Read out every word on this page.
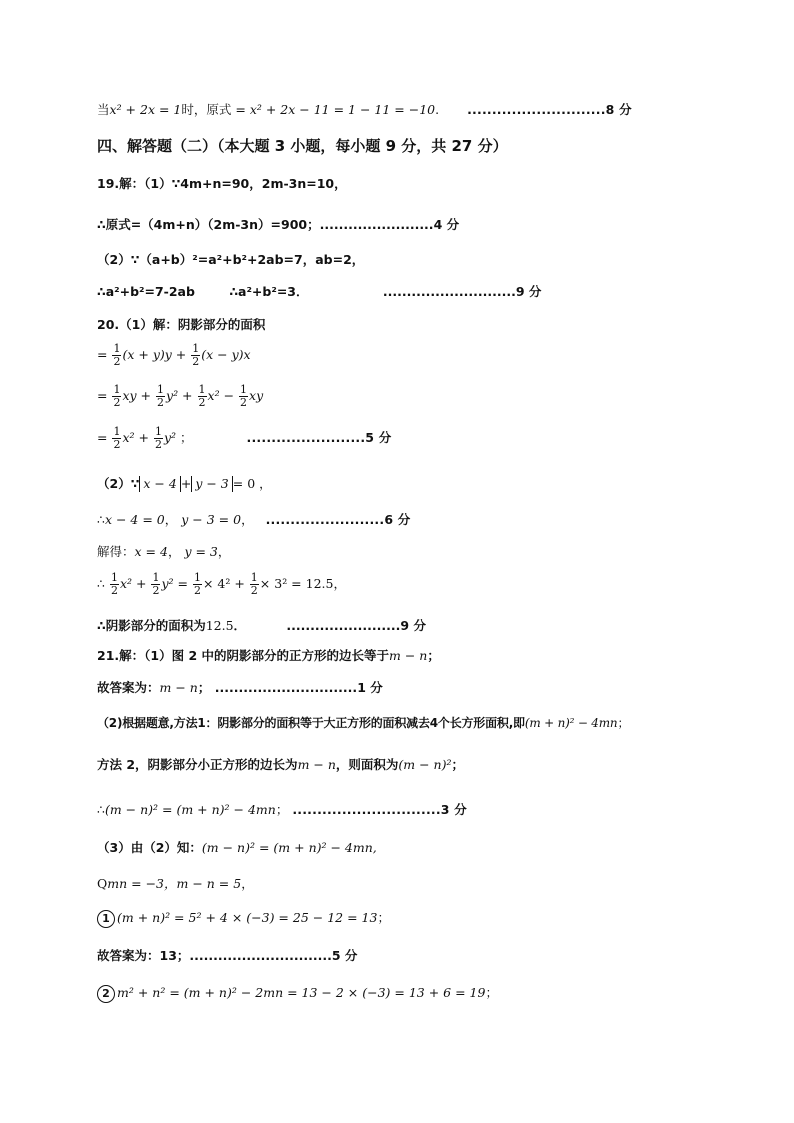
当x² + 2x = 1时，原式 = x² + 2x − 11 = 1 − 11 = −10. ............................8 分
四、解答题（二）（本大题 3 小题，每小题 9 分，共 27 分）
19.解：（1）∵4m+n=90，2m-3n=10，
∴原式=（4m+n）（2m-3n）=900；........................4 分
（2）∵（a+b）²=a²+b²+2ab=7，ab=2，
∴a²+b²=7-2ab	∴a²+b²=3．	............................9 分
20.（1）解：阴影部分的面积
= $\frac{1}{2} (x + y)y + \frac{1}{2} (x - y)x$
= $\frac{1}{2}$ xy + $\frac{1}{2} y^2 + \frac{1}{2} x^2 - \frac{1}{2}$ xy
= $\frac{1}{2} x^2 + \frac{1}{2} y^2$ ；	........................5 分
（2）∵ x − 4 + y − 3 = 0 ，
∴x − 4 = 0， y − 3 = 0， ........................6 分
解得：x = 4， y = 3，
∴ $\frac{1}{2} x^2 + \frac{1}{2} y^2 = \frac{1}{2} \times 4^2 + \frac{1}{2} \times 3^2 = 12.5$，
∴阴影部分的面积为12.5．	........................9 分
21.解：（1）图 2 中的阴影部分的正方形的边长等于m − n；
故答案为：m − n； ..............................1 分
（2)根据题意,方法1：阴影部分的面积等于大正方形的面积减去4个长方形面积,即(m + n)² − 4mn；
方法 2，阴影部分小正方形的边长为m − n，则面积为(m − n)²；
∴(m − n)² = (m + n)² − 4mn； ..............................3 分
（3）由（2）知：(m − n)² = (m + n)² − 4mn,
Qmn = −3，m − n = 5，
1 (m + n)² = 5² + 4 × (−3) = 25 − 12 = 13；
故答案为：13；..............................5 分
2 m² + n² = (m + n)² − 2mn = 13 − 2 × (−3) = 13 + 6 = 19；
